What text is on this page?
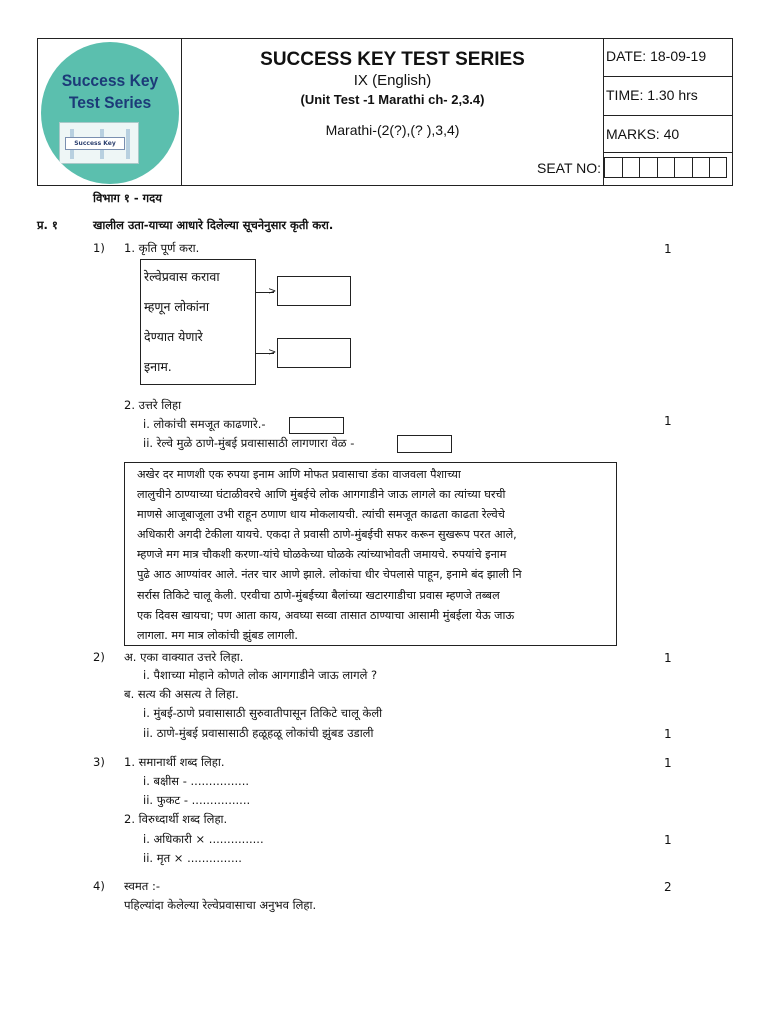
Success Key
Test Series
Success Key
SUCCESS KEY TEST SERIES
IX (English)
(Unit Test -1 Marathi ch- 2,3.4)
Marathi-(2(?),(? ),3,4)
DATE: 18-09-19
TIME: 1.30 hrs
MARKS: 40
SEAT NO:
विभाग १ - गदय
प्र. १	खालील उता-याच्या आधारे दिलेल्या सूचनेनुसार कृती करा.
1) 1. कृति पूर्ण करा.	1
रेल्वेप्रवास करावा
म्हणून लोकांना
देण्यात येणारे
इनाम.
>
>
2. उत्तरे लिहा
1
i. लोकांची समजूत काढणारे.-
ii. रेल्वे मुळे ठाणे-मुंबई प्रवासासाठी लागणारा वेळ -
अखेर दर माणशी एक रुपया इनाम आणि मोफत प्रवासाचा डंका वाजवला पैशाच्या
लालुचीने ठाण्याच्या घंटाळीवरचे आणि मुंबईचे लोक आगगाडीने जाऊ लागले का त्यांच्या घरची
माणसे आजूबाजूला उभी राहून ठणाण धाय मोकलायची. त्यांची समजूत काढता काढता रेल्वेचे
अधिकारी अगदी टेकीला यायचे. एकदा ते प्रवासी ठाणे-मुंबईची सफर करून सुखरूप परत आले,
म्हणजे मग मात्र चौकशी करणा-यांचे घोळकेच्या घोळके त्यांच्याभोवती जमायचे. रुपयांचे इनाम
पुढे आठ आण्यांवर आले. नंतर चार आणे झाले. लोकांचा धीर चेपलासे पाहून, इनामे बंद झाली नि
सर्रास तिकिटे चालू केली. एरवीचा ठाणे-मुंबईच्या बैलांच्या खटारगाडीचा प्रवास म्हणजे तब्बल
एक दिवस खायचा; पण आता काय, अवघ्या सव्वा तासात ठाण्याचा आसामी मुंबईला येऊ जाऊ
लागला. मग मात्र लोकांची झुंबड लागली.
2) अ. एका वाक्यात उत्तरे लिहा.	1
i. पैशाच्या मोहाने कोणते लोक आगगाडीने जाऊ लागले ?
ब. सत्य की असत्य ते लिहा.
i. मुंबई-ठाणे प्रवासासाठी सुरुवातीपासून तिकिटे चालू केली
ii. ठाणे-मुंबई प्रवासासाठी हळूहळू लोकांची झुंबड उडाली	1
3) 1. समानार्थी शब्द लिहा.	1
i. बक्षीस - ................
ii. फुकट - ................
2. विरुध्दार्थी शब्द लिहा.
i. अधिकारी × ...............	1
ii. मृत × ...............
4) स्वमत :-	2
पहिल्यांदा केलेल्या रेल्वेप्रवासाचा अनुभव लिहा.
